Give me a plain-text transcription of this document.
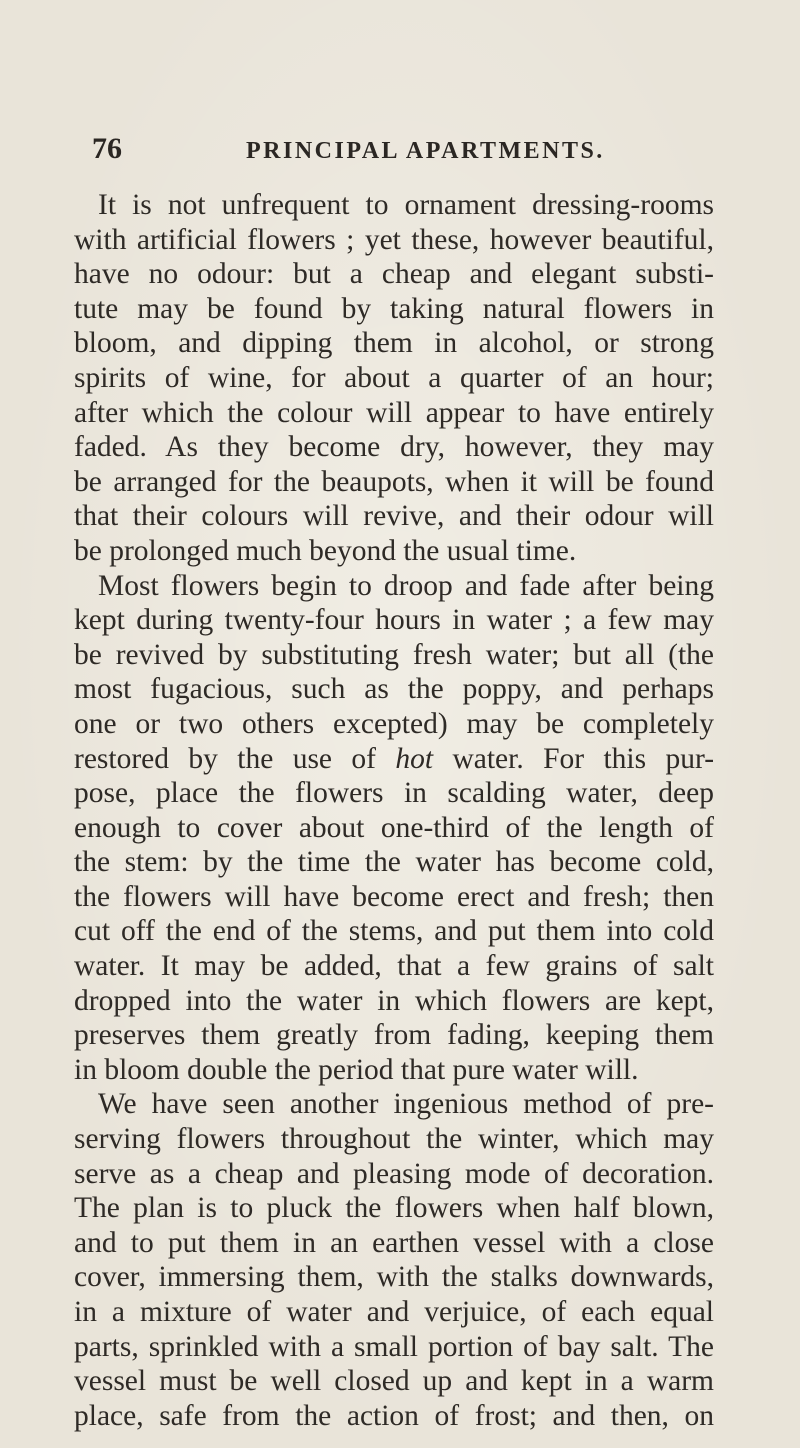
76	PRINCIPAL APARTMENTS.
It is not unfrequent to ornament dressing-rooms
with artificial flowers ; yet these, however beautiful,
have no odour: but a cheap and elegant substi-
tute may be found by taking natural flowers in
bloom, and dipping them in alcohol, or strong
spirits of wine, for about a quarter of an hour;
after which the colour will appear to have entirely
faded. As they become dry, however, they may
be arranged for the beaupots, when it will be found
that their colours will revive, and their odour will
be prolonged much beyond the usual time.
Most flowers begin to droop and fade after being
kept during twenty-four hours in water ; a few may
be revived by substituting fresh water; but all (the
most fugacious, such as the poppy, and perhaps
one or two others excepted) may be completely
restored by the use of hot water. For this pur-
pose, place the flowers in scalding water, deep
enough to cover about one-third of the length of
the stem: by the time the water has become cold,
the flowers will have become erect and fresh; then
cut off the end of the stems, and put them into cold
water. It may be added, that a few grains of salt
dropped into the water in which flowers are kept,
preserves them greatly from fading, keeping them
in bloom double the period that pure water will.
We have seen another ingenious method of pre-
serving flowers throughout the winter, which may
serve as a cheap and pleasing mode of decoration.
The plan is to pluck the flowers when half blown,
and to put them in an earthen vessel with a close
cover, immersing them, with the stalks downwards,
in a mixture of water and verjuice, of each equal
parts, sprinkled with a small portion of bay salt. The
vessel must be well closed up and kept in a warm
place, safe from the action of frost; and then, on
